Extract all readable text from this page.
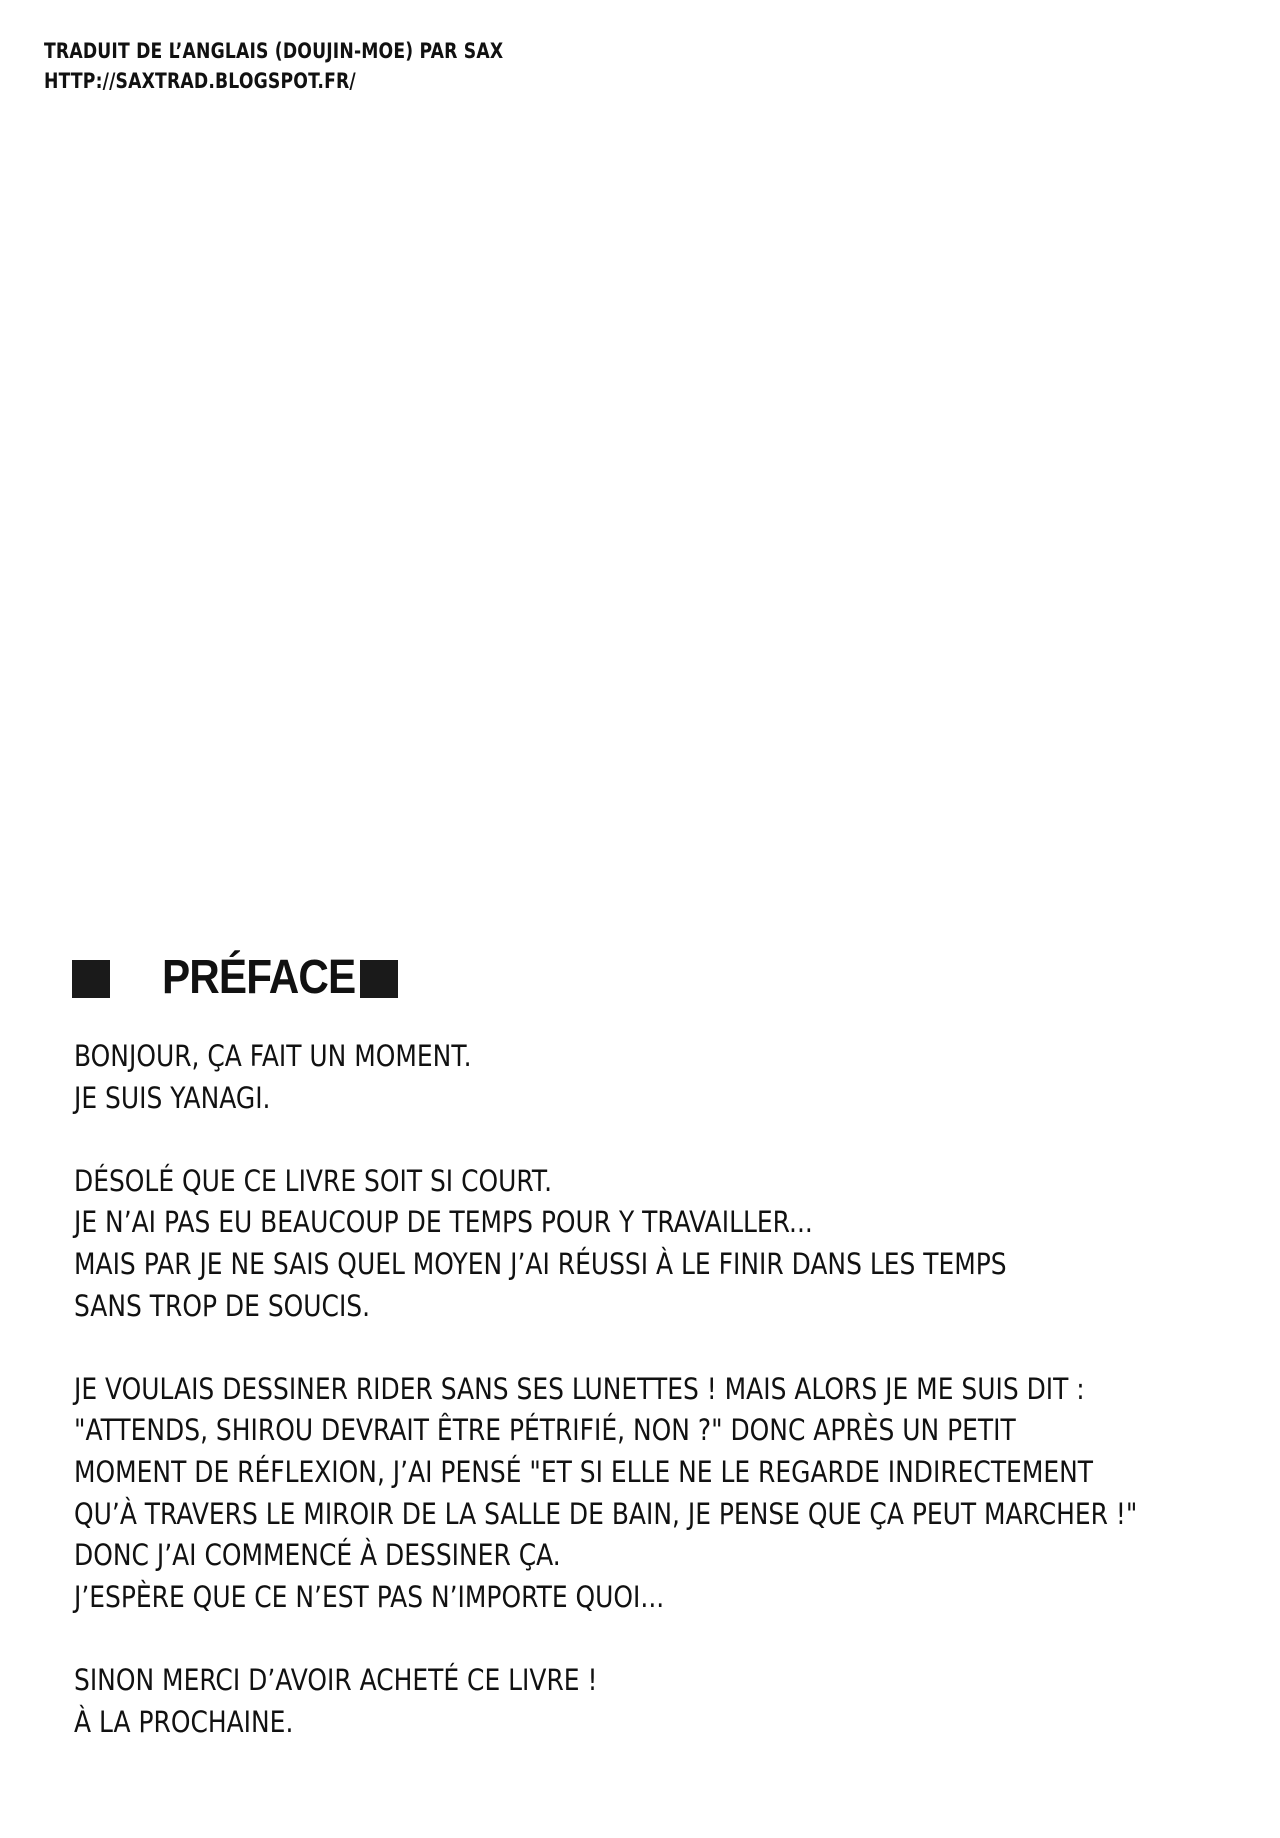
TRADUIT DE L’ANGLAIS (DOUJIN-MOE) PAR SAX
HTTP://SAXTRAD.BLOGSPOT.FR/
PRÉFACE
BONJOUR, ÇA FAIT UN MOMENT.
JE SUIS YANAGI.
DÉSOLÉ QUE CE LIVRE SOIT SI COURT.
JE N’AI PAS EU BEAUCOUP DE TEMPS POUR Y TRAVAILLER...
MAIS PAR JE NE SAIS QUEL MOYEN J’AI RÉUSSI À LE FINIR DANS LES TEMPS
SANS TROP DE SOUCIS.
JE VOULAIS DESSINER RIDER SANS SES LUNETTES ! MAIS ALORS JE ME SUIS DIT :
"ATTENDS, SHIROU DEVRAIT ÊTRE PÉTRIFIÉ, NON ?" DONC APRÈS UN PETIT
MOMENT DE RÉFLEXION, J’AI PENSÉ "ET SI ELLE NE LE REGARDE INDIRECTEMENT
QU’À TRAVERS LE MIROIR DE LA SALLE DE BAIN, JE PENSE QUE ÇA PEUT MARCHER !"
DONC J’AI COMMENCÉ À DESSINER ÇA.
J’ESPÈRE QUE CE N’EST PAS N’IMPORTE QUOI...
SINON MERCI D’AVOIR ACHETÉ CE LIVRE !
À LA PROCHAINE.
